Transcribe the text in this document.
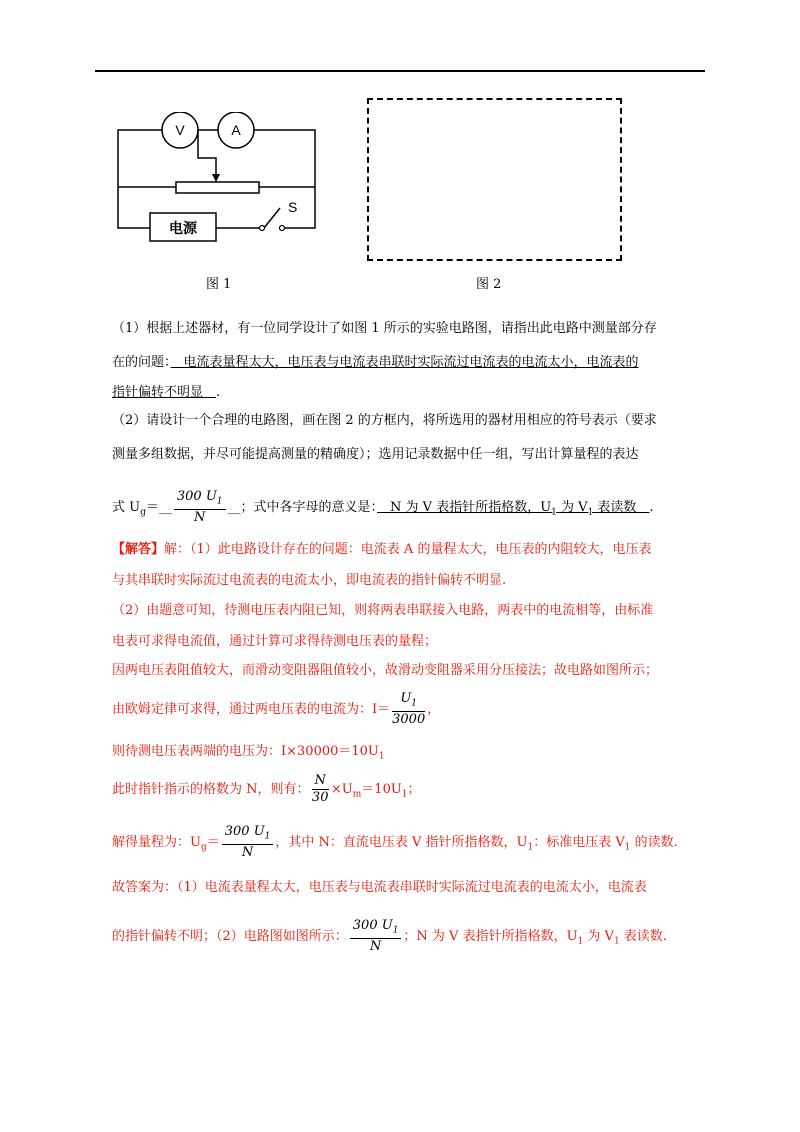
V	A
电源
S
图 1	图 2
（1）根据上述器材，有一位同学设计了如图 1 所示的实验电路图，请指出此电路中测量部分存
在的问题：　电流表量程太大，电压表与电流表串联时实际流过电流表的电流太小，电流表的
指针偏转不明显　.
（2）请设计一个合理的电路图，画在图 2 的方框内，将所选用的器材用相应的符号表示（要求
测量多组数据，并尽可能提高测量的精确度）；选用记录数据中任一组，写出计算量程的表达
式 $U_g=\_\_ \frac{300 U_1}{N}$ __；式中各字母的意义是：　N 为 V 表指针所指格数，$U_1$ 为 $V_1$ 表读数　.
【解答】解：（1）此电路设计存在的问题：电流表 A 的量程太大，电压表的内阻较大，电压表
与其串联时实际流过电流表的电流太小，即电流表的指针偏转不明显.
（2）由题意可知，待测电压表内阻已知，则将两表串联接入电路，两表中的电流相等，由标准
电表可求得电流值，通过计算可求得待测电压表的量程；
因两电压表阻值较大，而滑动变阻器阻值较小，故滑动变阻器采用分压接法；故电路如图所示；
由欧姆定律可求得，通过两电压表的电流为：$I= \frac{U_1}{3000}$ ，
则待测电压表两端的电压为：$I\times 30000=10U_1$
此时指针指示的格数为 N，则有： $\frac{N}{30} \times U_m=10U_1$；
解得量程为：$U_g= \frac{300 U_1}{N}$ ，其中 N：直流电压表 V 指针所指格数，$U_1$：标准电压表 $V_1$ 的读数.
故答案为：（1）电流表量程太大，电压表与电流表串联时实际流过电流表的电流太小，电流表
的指针偏转不明；（2）电路图如图所示： $\frac{300 U_1}{N}$ ；N 为 V 表指针所指格数，$U_1$ 为 $V_1$ 表读数.
